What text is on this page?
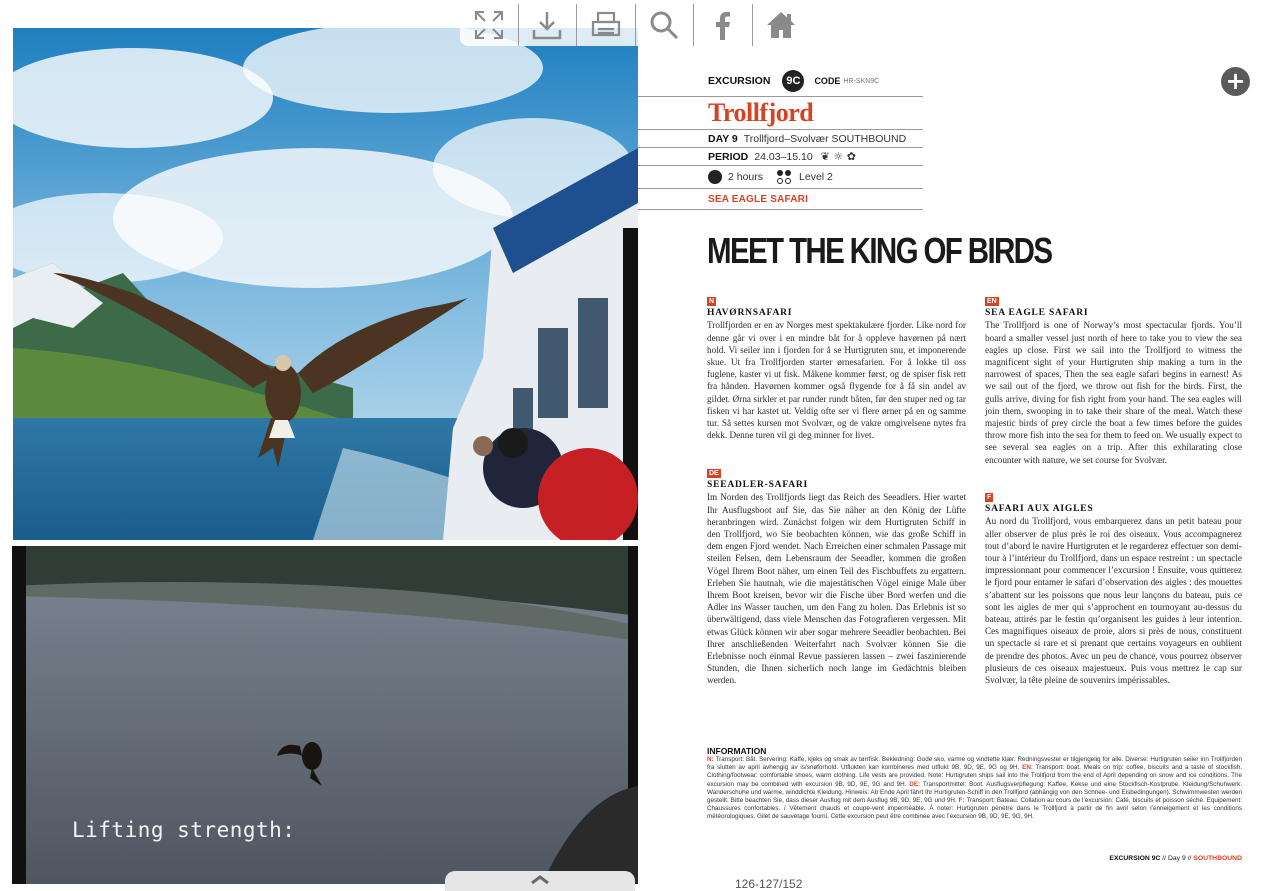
Lifting strength:
+
EXCURSION	9C	CODE HR-SKN9C
Trollfjord
DAY 9 Trollfjord–Svolvær SOUTHBOUND
PERIOD 24.03–15.10 ❦ ☼ ✿
2 hours	Level 2
SEA EAGLE SAFARI
MEET THE KING OF BIRDS
N
HAVØRNSAFARI

Trollfjorden er en av Norges mest spektakulære fjorder. Like nord for denne går vi over i en mindre båt for å oppleve havørnen på nært hold. Vi seiler inn i fjorden for å se Hurtigruten snu, et imponerende skue. Ut fra Trollfjorden starter ørnesafarien. For å lokke til oss fuglene, kaster vi ut fisk. Måkene kommer først, og de spiser fisk rett fra hånden. Havørnen kommer også flygende for å få sin andel av gildet. Ørna sirkler et par runder rundt båten, før den stuper ned og tar fisken vi har kastet ut. Veldig ofte ser vi flere ørner på en og samme tur. Så settes kursen mot Svolvær, og de vakre omgivelsene nytes fra dekk. Denne turen vil gi deg minner for livet.

DE
SEEADLER-SAFARI

Im Norden des Trollfjords liegt das Reich des Seeadlers. Hier wartet Ihr Ausflugsboot auf Sie, das Sie näher an den König der Lüfte heranbringen wird. Zunächst folgen wir dem Hurtigruten Schiff in den Trollfjord, wo Sie beobachten können, wie das große Schiff in dem engen Fjord wendet. Nach Erreichen einer schmalen Passage mit steilen Felsen, dem Lebensraum der Seeadler, kommen die großen Vögel Ihrem Boot näher, um einen Teil des Fischbuffets zu ergattern. Erleben Sie hautnah, wie die majestätischen Vögel einige Male über Ihrem Boot kreisen, bevor wir die Fische über Bord werfen und die Adler ins Wasser tauchen, um den Fang zu holen. Das Erlebnis ist so überwältigend, dass viele Menschen das Fotografieren vergessen. Mit etwas Glück können wir aber sogar mehrere Seeadler beobachten. Bei Ihrer anschließenden Weiterfahrt nach Svolvær können Sie die Erlebnisse noch einmal Revue passieren lassen – zwei faszinierende Stunden, die Ihnen sicherlich noch lange im Gedächtnis bleiben werden.

EN
SEA EAGLE SAFARI

The Trollfjord is one of Norway’s most spectacular fjords. You’ll board a smaller vessel just north of here to take you to view the sea eagles up close. First we sail into the Trollfjord to witness the magnificent sight of your Hurtigruten ship making a turn in the narrowest of spaces, Then the sea eagle safari begins in earnest! As we sail out of the fjord, we throw out fish for the birds. First, the gulls arrive, diving for fish right from your hand. The sea eagles will join them, swooping in to take their share of the meal. Watch these majestic birds of prey circle the boat a few times before the guides throw more fish into the sea for them to feed on. We usually expect to see several sea eagles on a trip. After this exhilarating close encounter with nature, we set course for Svolvær.

F
SAFARI AUX AIGLES

Au nord du Trollfjord, vous embarquerez dans un petit bateau pour aller observer de plus près le roi des oiseaux. Vous accompagnerez tout d’abord le navire Hurtigruten et le regarderez effectuer son demi-tour à l’intérieur du Trollfjord, dans un espace restreint : un spectacle impressionnant pour commencer l’excursion ! Ensuite, vous quitterez le fjord pour entamer le safari d’observation des aigles : des mouettes s’abattent sur les poissons que nous leur lançons du bateau, puis ce sont les aigles de mer qui s’approchent en tournoyant au-dessus du bateau, attirés par le festin qu’organisent les guides à leur intention. Ces magnifiques oiseaux de proie, alors si près de nous, constituent un spectacle si rare et si prenant que certains voyageurs en oublient de prendre des photos. Avec un peu de chance, vous pourrez observer plusieurs de ces oiseaux majestueux. Puis vous mettrez le cap sur Svolvær, la tête pleine de souvenirs impérissables.

INFORMATION

N: Transport: Båt. Servering: Kaffe, kjeks og smak av tørrfisk. Bekledning: Gode sko, varme og vindtette klær. Redningsvester er tilgjengelig for alle. Diverse: Hurtigruten seiler inn Trollfjorden fra slutten av april avhengig av is/snøforhold. Utflukten kan kombineres med utflukt 9B, 9D, 9E, 9G og 9H. EN: Transport: boat. Meals on trip: coffee, biscuits and a taste of stockfish. Clothing/footwear: comfortable shoes, warm clothing. Life vests are provided. Note: Hurtigruten ships sail into the Trollfjord from the end of April depending on snow and ice conditions. The excursion may be combined with excursion 9B, 9D, 9E, 9G and 9H. DE: Transportmittel: Boot. Ausflugsverpflegung: Kaffee, Kekse und eine Stockfisch-Kostprobe. Kleidung/Schuhwerk: Wanderschuhe und warme, winddichte Kleidung. Hinweis: Ab Ende April fährt Ihr Hurtigruten-Schiff in den Trollfjord (abhängig von den Schnee- und Eisbedingungen). Schwimmwesten werden gestellt. Bitte beachten Sie, dass dieser Ausflug mit dem Ausflug 9B, 9D, 9E, 9G und 9H. F: Transport: Bateau. Collation au cours de l’excursion: Café, biscuits et poisson séché. Equipement: Chaussures confortables. / Vêtement chauds et coupe-vent imperméable. À noter: Hurtigruten pénètre dans le Trollfjord à partir de fin avril selon l’enneigement et les conditions météorologiques. Gilet de sauvetage fourni. Cette excursion peut être combinée avec l’excursion 9B, 9D, 9E, 9G, 9H.

EXCURSION 9C // Day 9 // SOUTHBOUND
126-127/152
